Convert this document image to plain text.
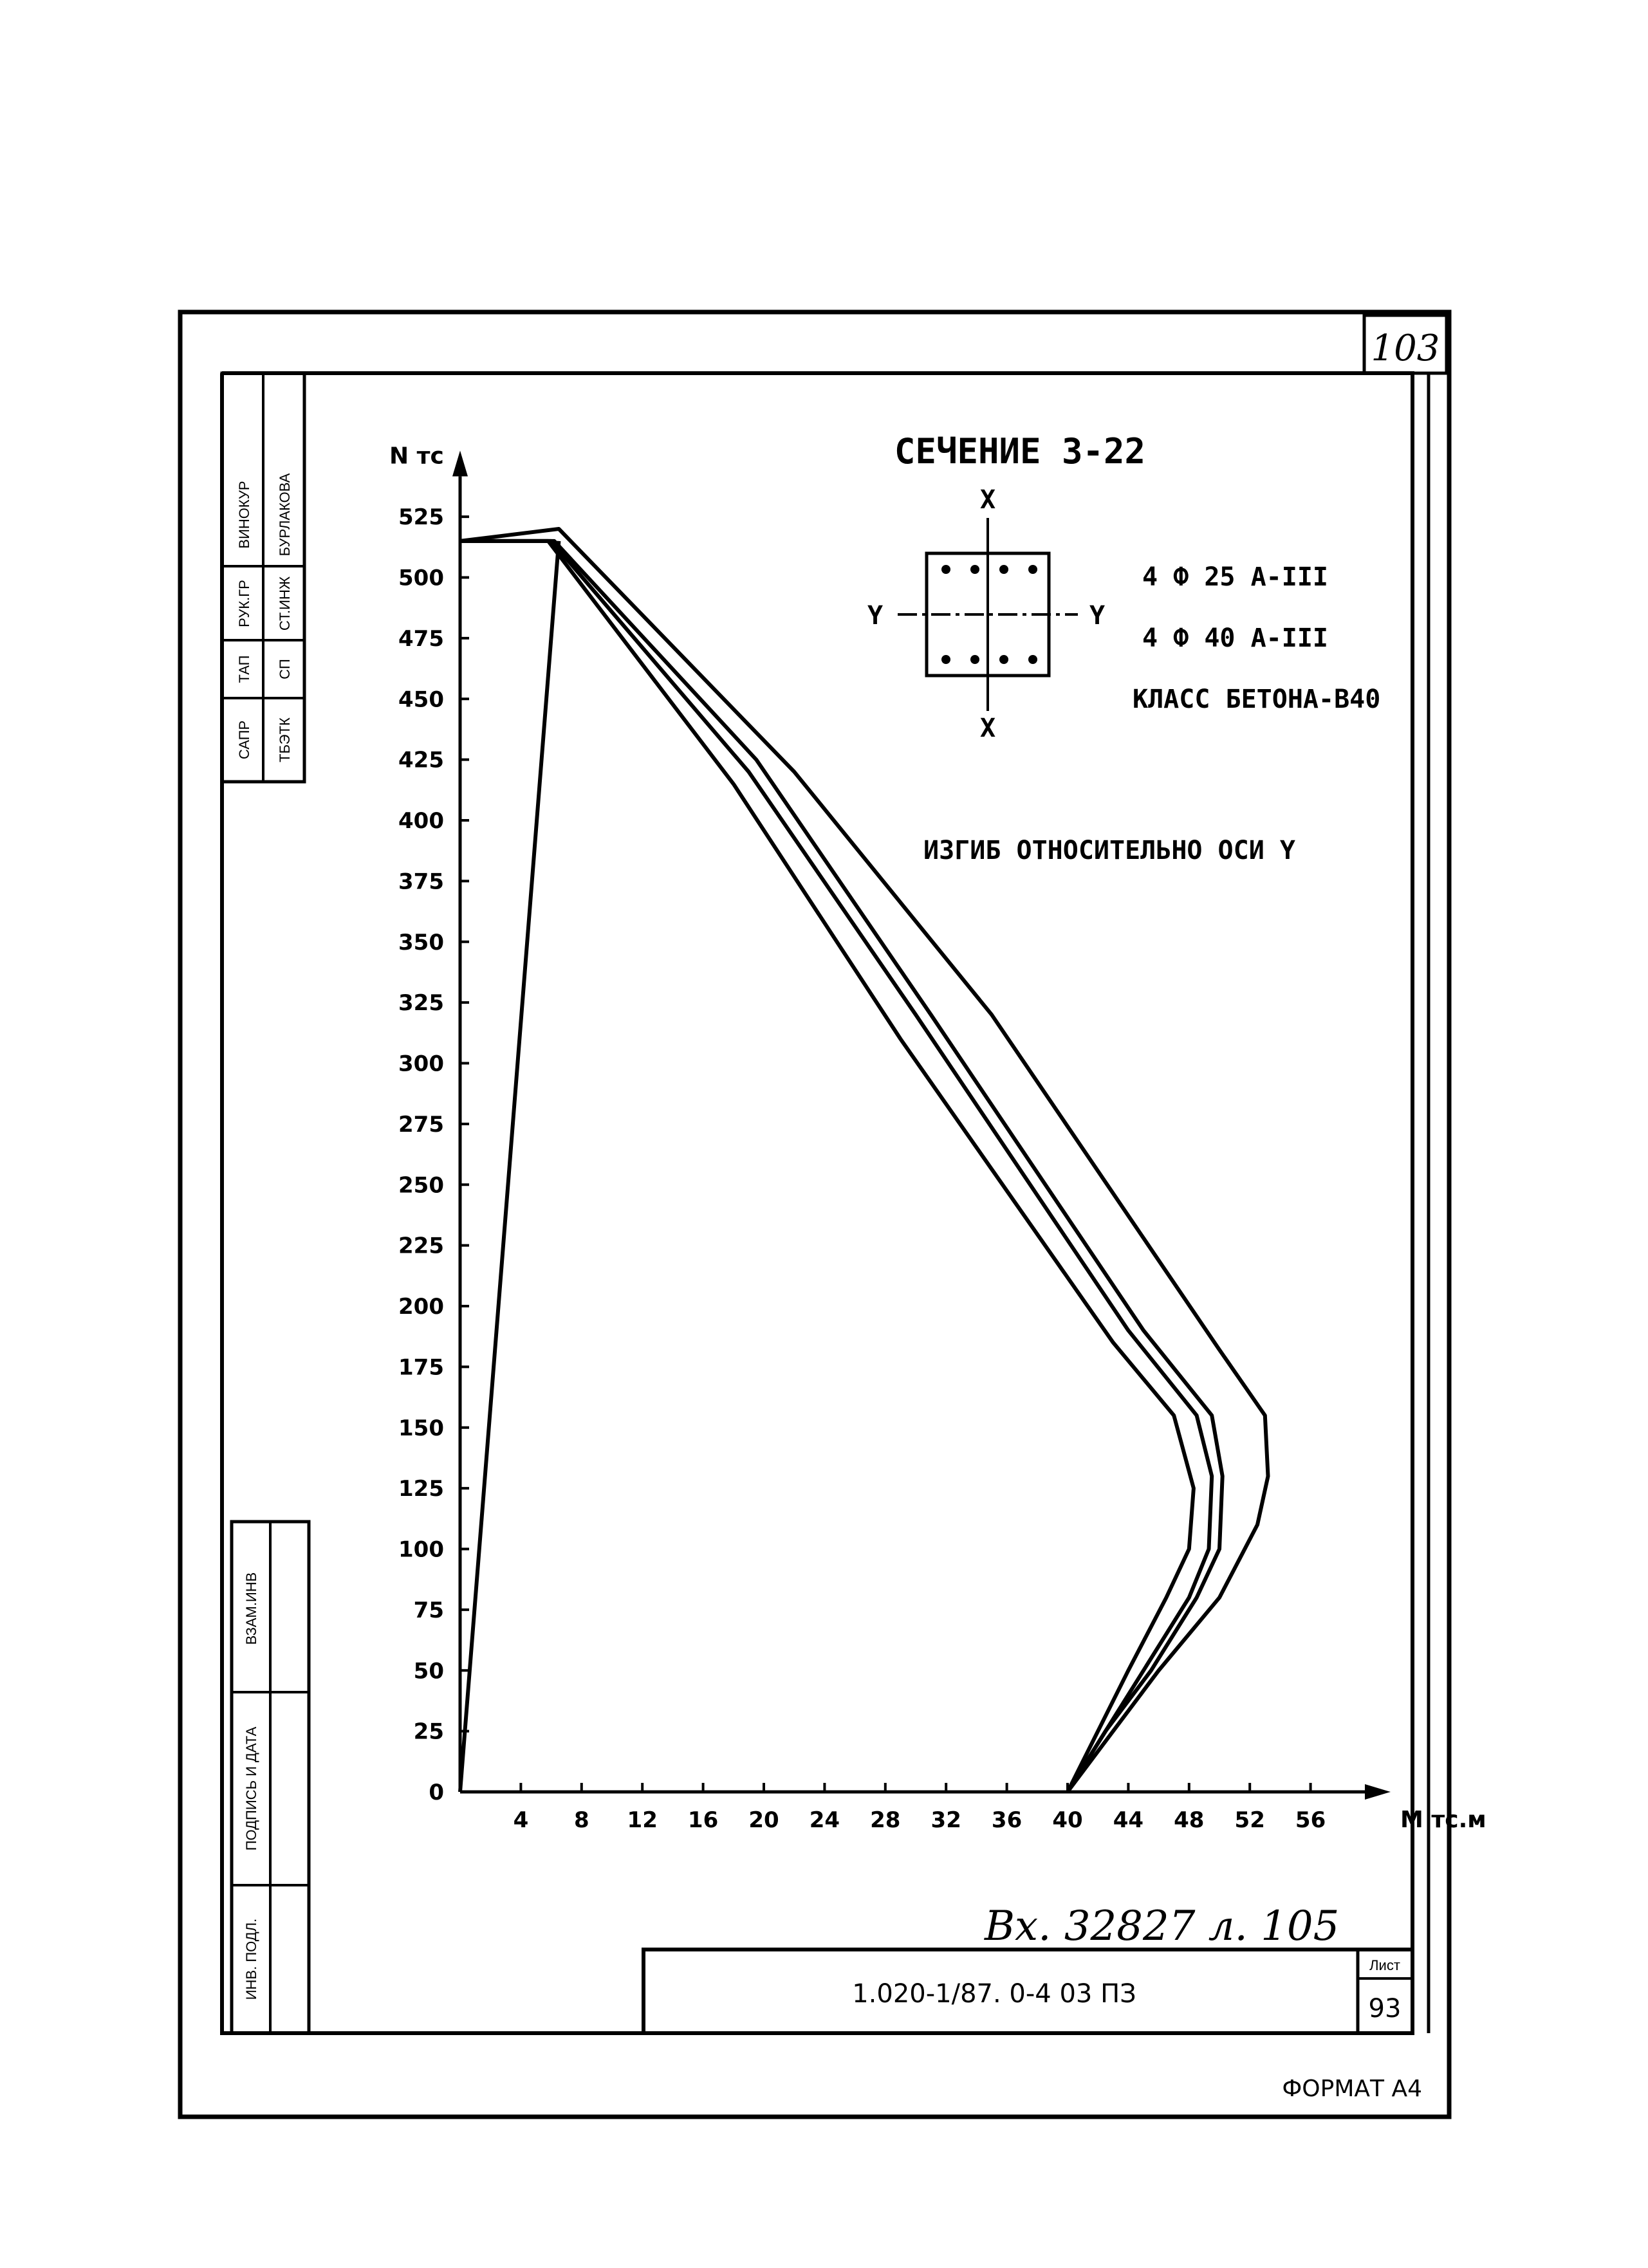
103
САПР
ТАП
РУК.ГР
ВИНОКУР
ТБЭТК
СП
СТ.ИНЖ
БУРЛАКОВА
ВЗАМ.ИНВ
ПОДПИСЬ И ДАТА
ИНВ. ПОДЛ.
СЕЧЕНИЕ 3-22
X
X
Y	Y
4 Ф 25 А-III
4 Ф 40 А-III
КЛАСС БЕТОНА-В40
ИЗГИБ ОТНОСИТЕЛЬНО ОСИ Y
4 8 12 16 20 24 28 32 36 40 44 48 52 56
0
25
50
75
100
125
150
175
200
225
250
275
300
325
350
375
400
425
450
475
500
525
N тс
М тс.м
Вх. 32827 л. 105
1.020-1/87. 0-4 03 ПЗ
Лист
93
ФОРМАТ А4
